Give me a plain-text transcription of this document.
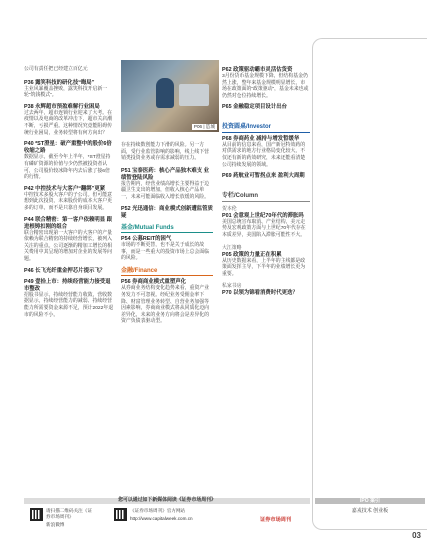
公司有责任把已经建立百亿元

P36 露笑科技的研化技“晦局”

主业风暴覆盖挫败，露笑科技开启新一轮“筑钱模式”。

P38 永辉超市预盈难解行业困局

过去两年，超市连锁行业迎来了大考。在疫情以及电商的改革冲击下，超市关店潮不断，亏损严重。这种情况究竟能阻碍传统行业困局，业务转型将有何方向出？

P40 *ST澄星：破产重整中的股价6倍收缩之路

数据显示，截至今年上半年，*ST澄星持有磷矿资源的价值与少仍然被投资者认可，公司股价较冰降年内去后涨了接6倍的行情。

P42 中控技术与大客户“翻绑”更紧

中控技术多股大客户的子公司。但可能意想到此次投资，未来股份的成本大客户更多的订单，而不是只靠自身项目发展。

P44 联合精密：第一客户依赖明显 跟进根铸扣刚的组合

联合精密出现第一大客户的大客户的产量依赖为联合精密的持续经营增长，被列入关注的重点。公司逐渐的精加工增长的相关费用中其呈现的增加对企业的发展等问题。

P46 长飞光纤重金押芯片提示飞？

P49 壹拾上市：持续经营能力接受退市整改

招股书显示，持续经营能力收敛，营收数据显示，持续经营能力的减弱、持续经营能力所需要资金来源不足，预计2022年退市的风险不小。

P06 | 造城

存在持续数创能力下滑的风险。另一方面，受行业监管影响的影响，线上线下营销类投资业务或存需求减弱的压力。

P51 宝泰医药：核心产品独木难支 业绩暂登陆风险

报告期内，经营业绩高增长主要得益于边疆卫生支出的增加，但收入核心产品单一，未来可能面临收入增长放缓的风险。

P52 光迅通信：商业模式创新遭监管质疑

基金/Mutual Funds

P54 公募REIT的困气

市场的不断更替，也不是关于成长的故事，而是一些重大的投资市场上总会面临的风险。

金融/Finance

P56 券商商业模式重塑声化

从券商业务结构变化趋势来看，重资产业务发力不可忽视。经纪业务受佣金率下降、财富管理业务转型、自营业务加强等因素影响，券商商业模式将从同质化迈向差异化，未来的业务方向将会是差异化的资产负债表驱动型。

P62 政策驱动霸市灵活估货资

3月份货币基金规模下降，但结构基金仍然上涨，整年来基金规模明显增长，市场在政策面的“政策驱动”，基金未来也或仍然对仓位持续增长。

P65 金融稳定项目设计出台

投资圆桌/Investor

P68 券商药业 减持与增发暂缓华

从目前的信息来看，国产新冠特效药的对供需求的地方行业格局变化较大，不仅还有新的药效研究，未来还能看清楚公司持续发展的领域。

P69 药航业可暂拐点来 盈利大周期

专栏/Column

贺本伦

P01 会意观上世纪70年代的滞胀吗

美国总统宣布取消、产业结构，美元走势及宏观政策方面与上世纪70年代存在本质差异，美国陷入滞胀可能性不大。

大江策略

P05 政策的力量正在积累

从历史数据来看，上半年的主线都是政策面发挥主导，下半年的业绩增长更为重要。

私家书房

P70 以领为锦看消费时代更迭？

您可以通过如下新媒体阅读《证券市场周刊》
请扫描二维码关注《证券市场周刊》
新浪微博
《证券市场周刊》官方网站
http://www.capitalweek.com.cn	证券市场周刊
IPO 案引
嘉戎技术 创业板
03
